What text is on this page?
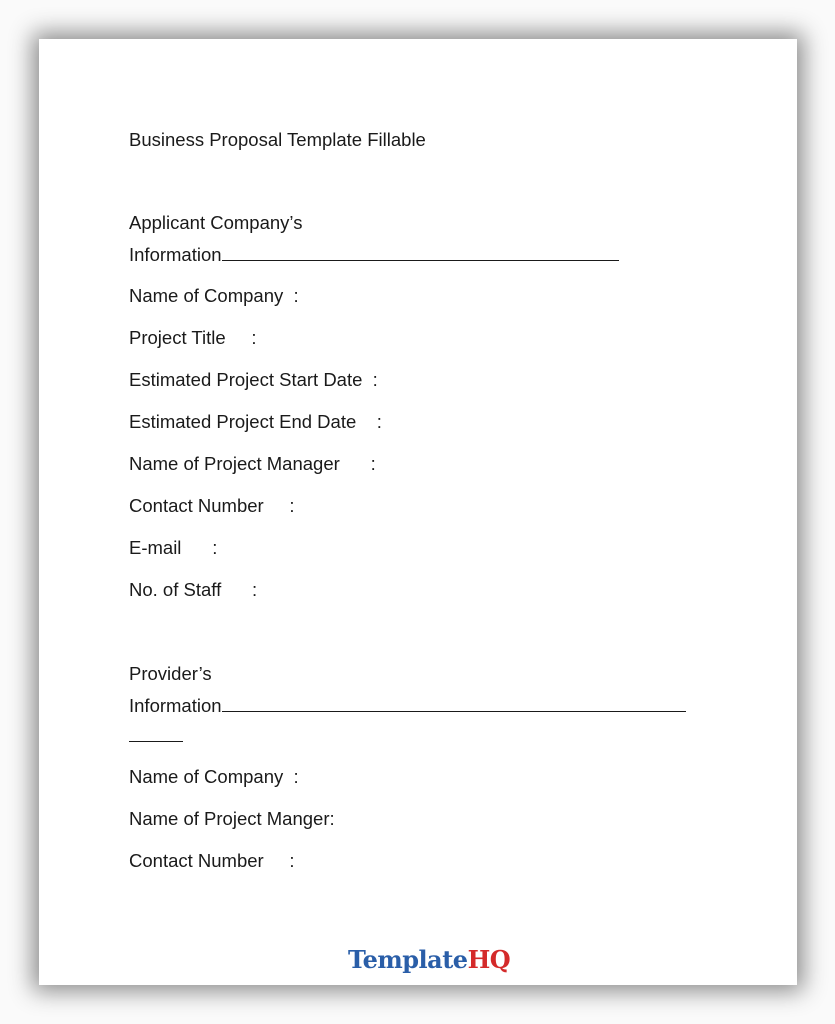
Business Proposal Template Fillable
Applicant Company’s
Information
Name of Company  :
Project Title     :
Estimated Project Start Date  :
Estimated Project End Date    :
Name of Project Manager      :
Contact Number     :
E-mail      :
No. of Staff      :
Provider’s
Information
Name of Company  :
Name of Project Manger:
Contact Number     :
TemplateHQ
